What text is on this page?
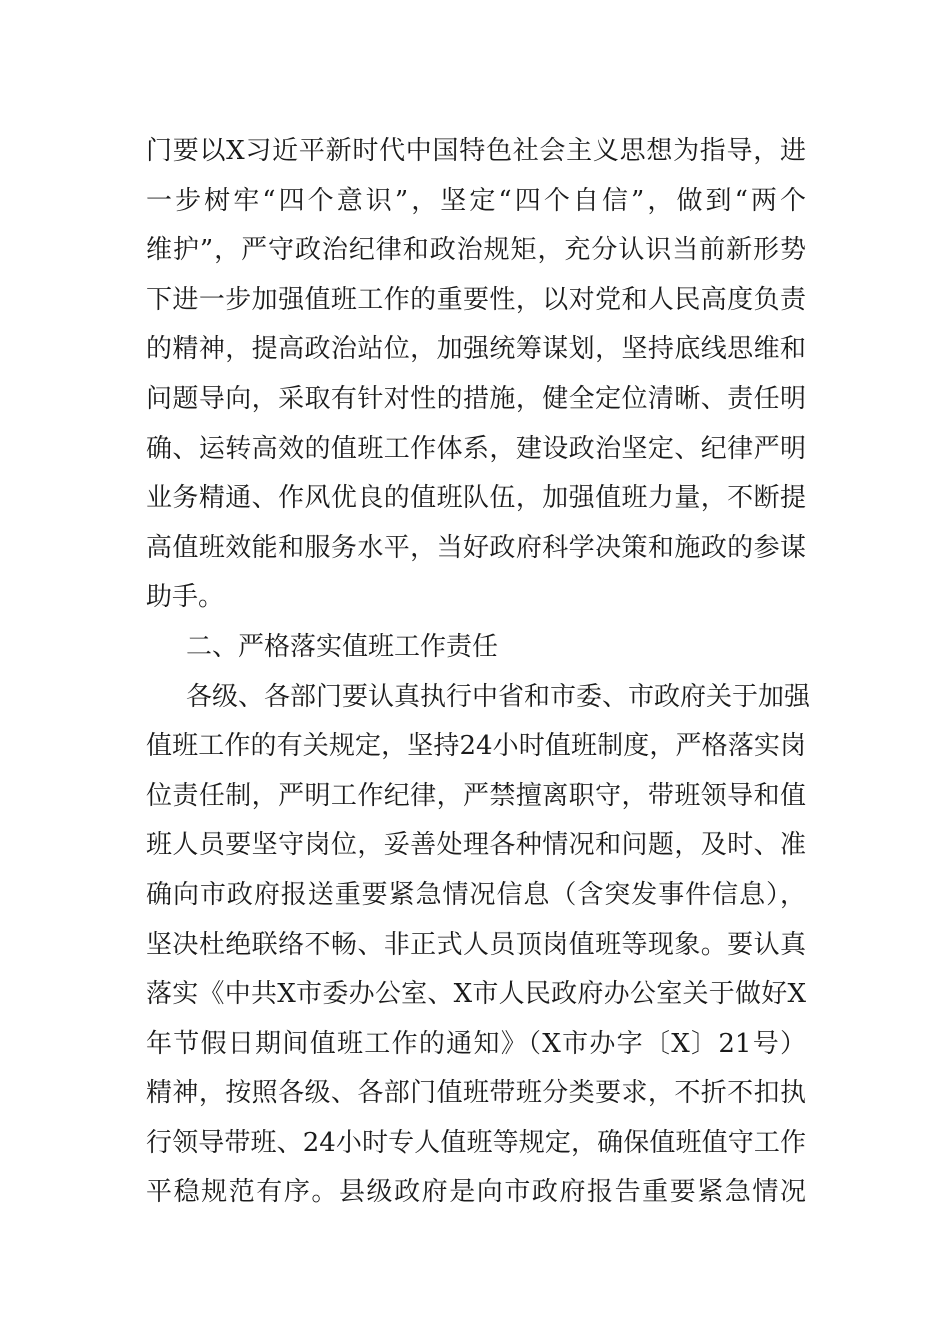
门要以X习近平新时代中国特色社会主义思想为指导，进
一步树牢“四个意识”，坚定“四个自信”，做到“两个
维护”，严守政治纪律和政治规矩，充分认识当前新形势
下进一步加强值班工作的重要性，以对党和人民高度负责
的精神，提高政治站位，加强统筹谋划，坚持底线思维和
问题导向，采取有针对性的措施，健全定位清晰、责任明
确、运转高效的值班工作体系，建设政治坚定、纪律严明
业务精通、作风优良的值班队伍，加强值班力量，不断提
高值班效能和服务水平，当好政府科学决策和施政的参谋
助手。
二、严格落实值班工作责任
各级、各部门要认真执行中省和市委、市政府关于加强
值班工作的有关规定，坚持24小时值班制度，严格落实岗
位责任制，严明工作纪律，严禁擅离职守，带班领导和值
班人员要坚守岗位，妥善处理各种情况和问题，及时、准
确向市政府报送重要紧急情况信息（含突发事件信息），
坚决杜绝联络不畅、非正式人员顶岗值班等现象。要认真
落实《中共X市委办公室、X市人民政府办公室关于做好X
年节假日期间值班工作的通知》（X市办字〔X〕21号）
精神，按照各级、各部门值班带班分类要求，不折不扣执
行领导带班、24小时专人值班等规定，确保值班值守工作
平稳规范有序。县级政府是向市政府报告重要紧急情况
